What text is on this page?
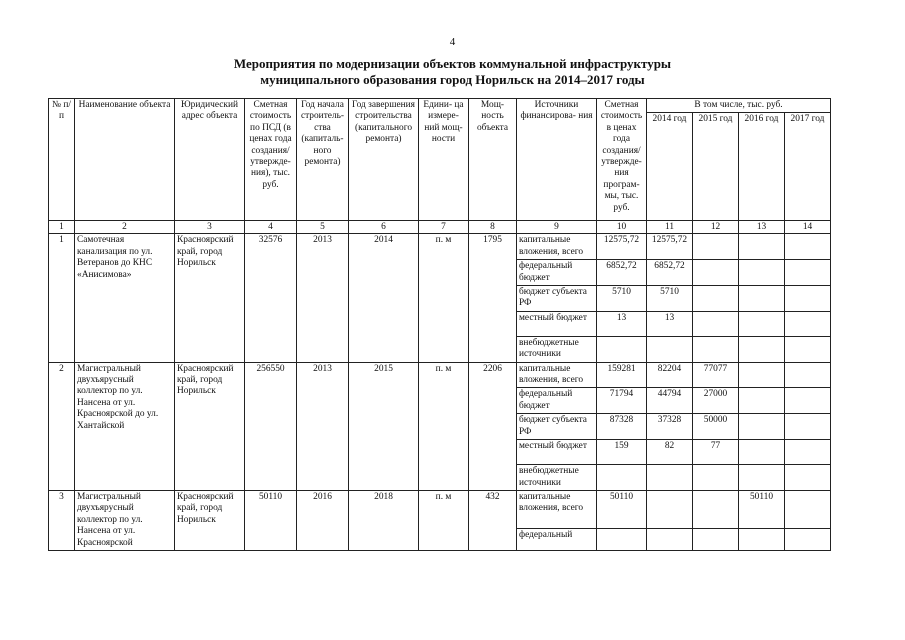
4
Мероприятия по модернизации объектов коммунальной инфраструктуры
муниципального образования город Норильск на 2014–2017 годы
№ п/п	Наименование объекта	Юридический адрес объекта	Сметная стоимость по ПСД (в ценах года создания/ утвержде- ния), тыс. руб.	Год начала строитель- ства (капиталь- ного ремонта)	Год завершения строительства (капитального ремонта)	Едини- ца измере- ний мощ- ности	Мощ- ность объекта	Источники финансирова- ния	Сметная стоимость в ценах года создания/ утвержде- ния програм- мы, тыс. руб.	В том числе, тыс. руб.			
										2014 год	2015 год	2016 год	2017 год
1	2	3	4	5	6	7	8	9	10	11	12	13	14
1	Самотечная канализация по ул. Ветеранов до КНС «Анисимова»	Красноярский край, город Норильск	32576	2013	2014	п. м	1795	капитальные вложения, всего	12575,72	12575,72			
								федеральный бюджет	6852,72	6852,72			
								бюджет субъекта РФ	5710	5710			
								местный бюджет	13	13			
								внебюджетные источники					
2	Магистральный двухъярусный коллектор по ул. Нансена от ул. Красноярской до ул. Хантайской	Красноярский край, город Норильск	256550	2013	2015	п. м	2206	капитальные вложения, всего	159281	82204	77077		
								федеральный бюджет	71794	44794	27000		
								бюджет субъекта РФ	87328	37328	50000		
								местный бюджет	159	82	77		
								внебюджетные источники					
3	Магистральный двухъярусный коллектор по ул. Нансена от ул. Красноярской	Красноярский край, город Норильск	50110	2016	2018	п. м	432	капитальные вложения, всего	50110			50110	
								федеральный					
